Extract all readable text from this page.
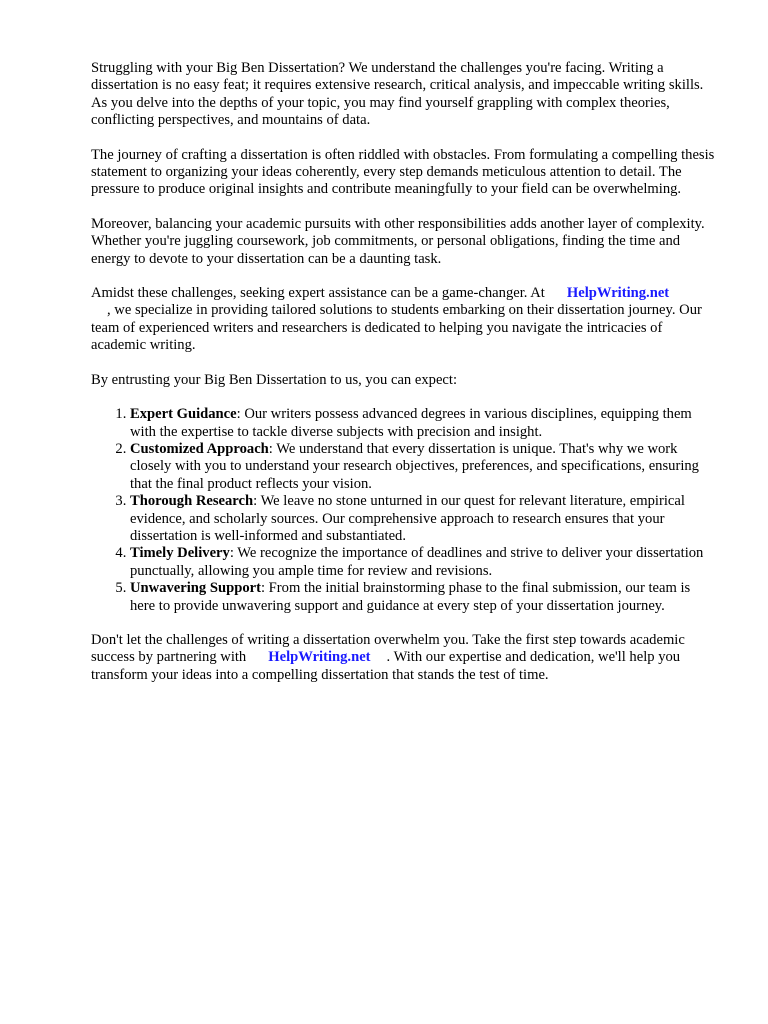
Struggling with your Big Ben Dissertation? We understand the challenges you're facing. Writing a dissertation is no easy feat; it requires extensive research, critical analysis, and impeccable writing skills. As you delve into the depths of your topic, you may find yourself grappling with complex theories, conflicting perspectives, and mountains of data.

The journey of crafting a dissertation is often riddled with obstacles. From formulating a compelling thesis statement to organizing your ideas coherently, every step demands meticulous attention to detail. The pressure to produce original insights and contribute meaningfully to your field can be overwhelming.

Moreover, balancing your academic pursuits with other responsibilities adds another layer of complexity. Whether you're juggling coursework, job commitments, or personal obligations, finding the time and energy to devote to your dissertation can be a daunting task.

Amidst these challenges, seeking expert assistance can be a game-changer. At HelpWriting.net
, we specialize in providing tailored solutions to students embarking on their dissertation journey. Our team of experienced writers and researchers is dedicated to helping you navigate the intricacies of academic writing.

By entrusting your Big Ben Dissertation to us, you can expect:

1. Expert Guidance: Our writers possess advanced degrees in various disciplines, equipping them with the expertise to tackle diverse subjects with precision and insight.
2. Customized Approach: We understand that every dissertation is unique. That's why we work closely with you to understand your research objectives, preferences, and specifications, ensuring that the final product reflects your vision.
3. Thorough Research: We leave no stone unturned in our quest for relevant literature, empirical evidence, and scholarly sources. Our comprehensive approach to research ensures that your dissertation is well-informed and substantiated.
4. Timely Delivery: We recognize the importance of deadlines and strive to deliver your dissertation punctually, allowing you ample time for review and revisions.
5. Unwavering Support: From the initial brainstorming phase to the final submission, our team is here to provide unwavering support and guidance at every step of your dissertation journey.

Don't let the challenges of writing a dissertation overwhelm you. Take the first step towards academic success by partnering with HelpWriting.net . With our expertise and dedication, we'll help you transform your ideas into a compelling dissertation that stands the test of time.
